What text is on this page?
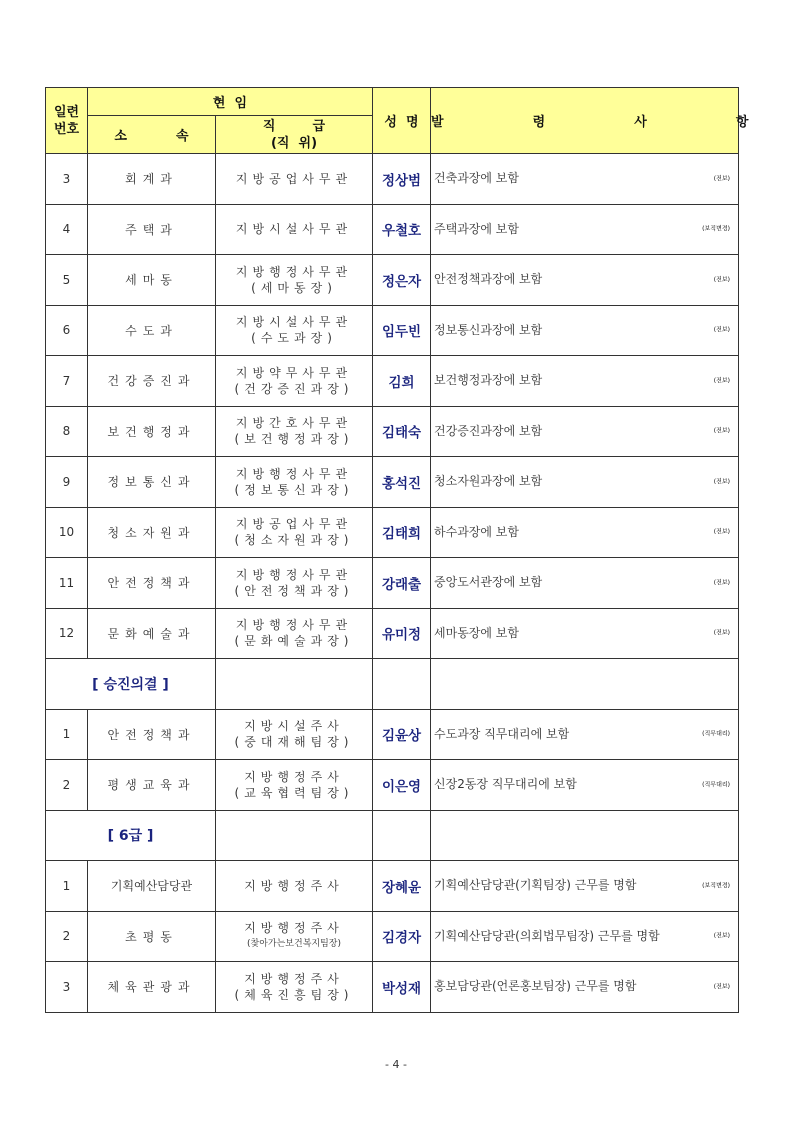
일련
번호	현  임		성  명	발  령  사  항
	소  속	직  급
(직  위)		

3	회계과	지방공업사무관	정상범	건축과장에 보함 (전보)

4	주택과	지방시설사무관	우철호	주택과장에 보함 (보직변경)

5	세마동	지방행정사무관
(세마동장)	정은자	안전정책과장에 보함 (전보)

6	수도과	지방시설사무관
(수도과장)	임두빈	정보통신과장에 보함 (전보)

7	건강증진과	지방약무사무관
(건강증진과장)	김희	보건행정과장에 보함 (전보)

8	보건행정과	지방간호사무관
(보건행정과장)	김태숙	건강증진과장에 보함 (전보)

9	정보통신과	지방행정사무관
(정보통신과장)	홍석진	청소자원과장에 보함 (전보)

10	청소자원과	지방공업사무관
(청소자원과장)	김태희	하수과장에 보함 (전보)

11	안전정책과	지방행정사무관
(안전정책과장)	강래출	중앙도서관장에 보함 (전보)

12	문화예술과	지방행정사무관
(문화예술과장)	유미정	세마동장에 보함 (전보)

[ 승진의결 ]				
1	안전정책과	지방시설주사
(중대재해팀장)	김윤상	수도과장 직무대리에 보함 (직무대리)

2	평생교육과	지방행정주사
(교육협력팀장)	이은영	신장2동장 직무대리에 보함 (직무대리)

[ 6급 ]				
1	기획예산담당관	지방행정주사	장혜윤	기획예산담당관(기획팀장) 근무를 명함 (보직변경)

2	초평동	지방행정주사
(찾아가는보건복지팀장)	김경자	기획예산담당관(의회법무팀장) 근무를 명함 (전보)

3	체육관광과	지방행정주사
(체육진흥팀장)	박성재	홍보담당관(언론홍보팀장) 근무를 명함 (전보)
- 4 -
